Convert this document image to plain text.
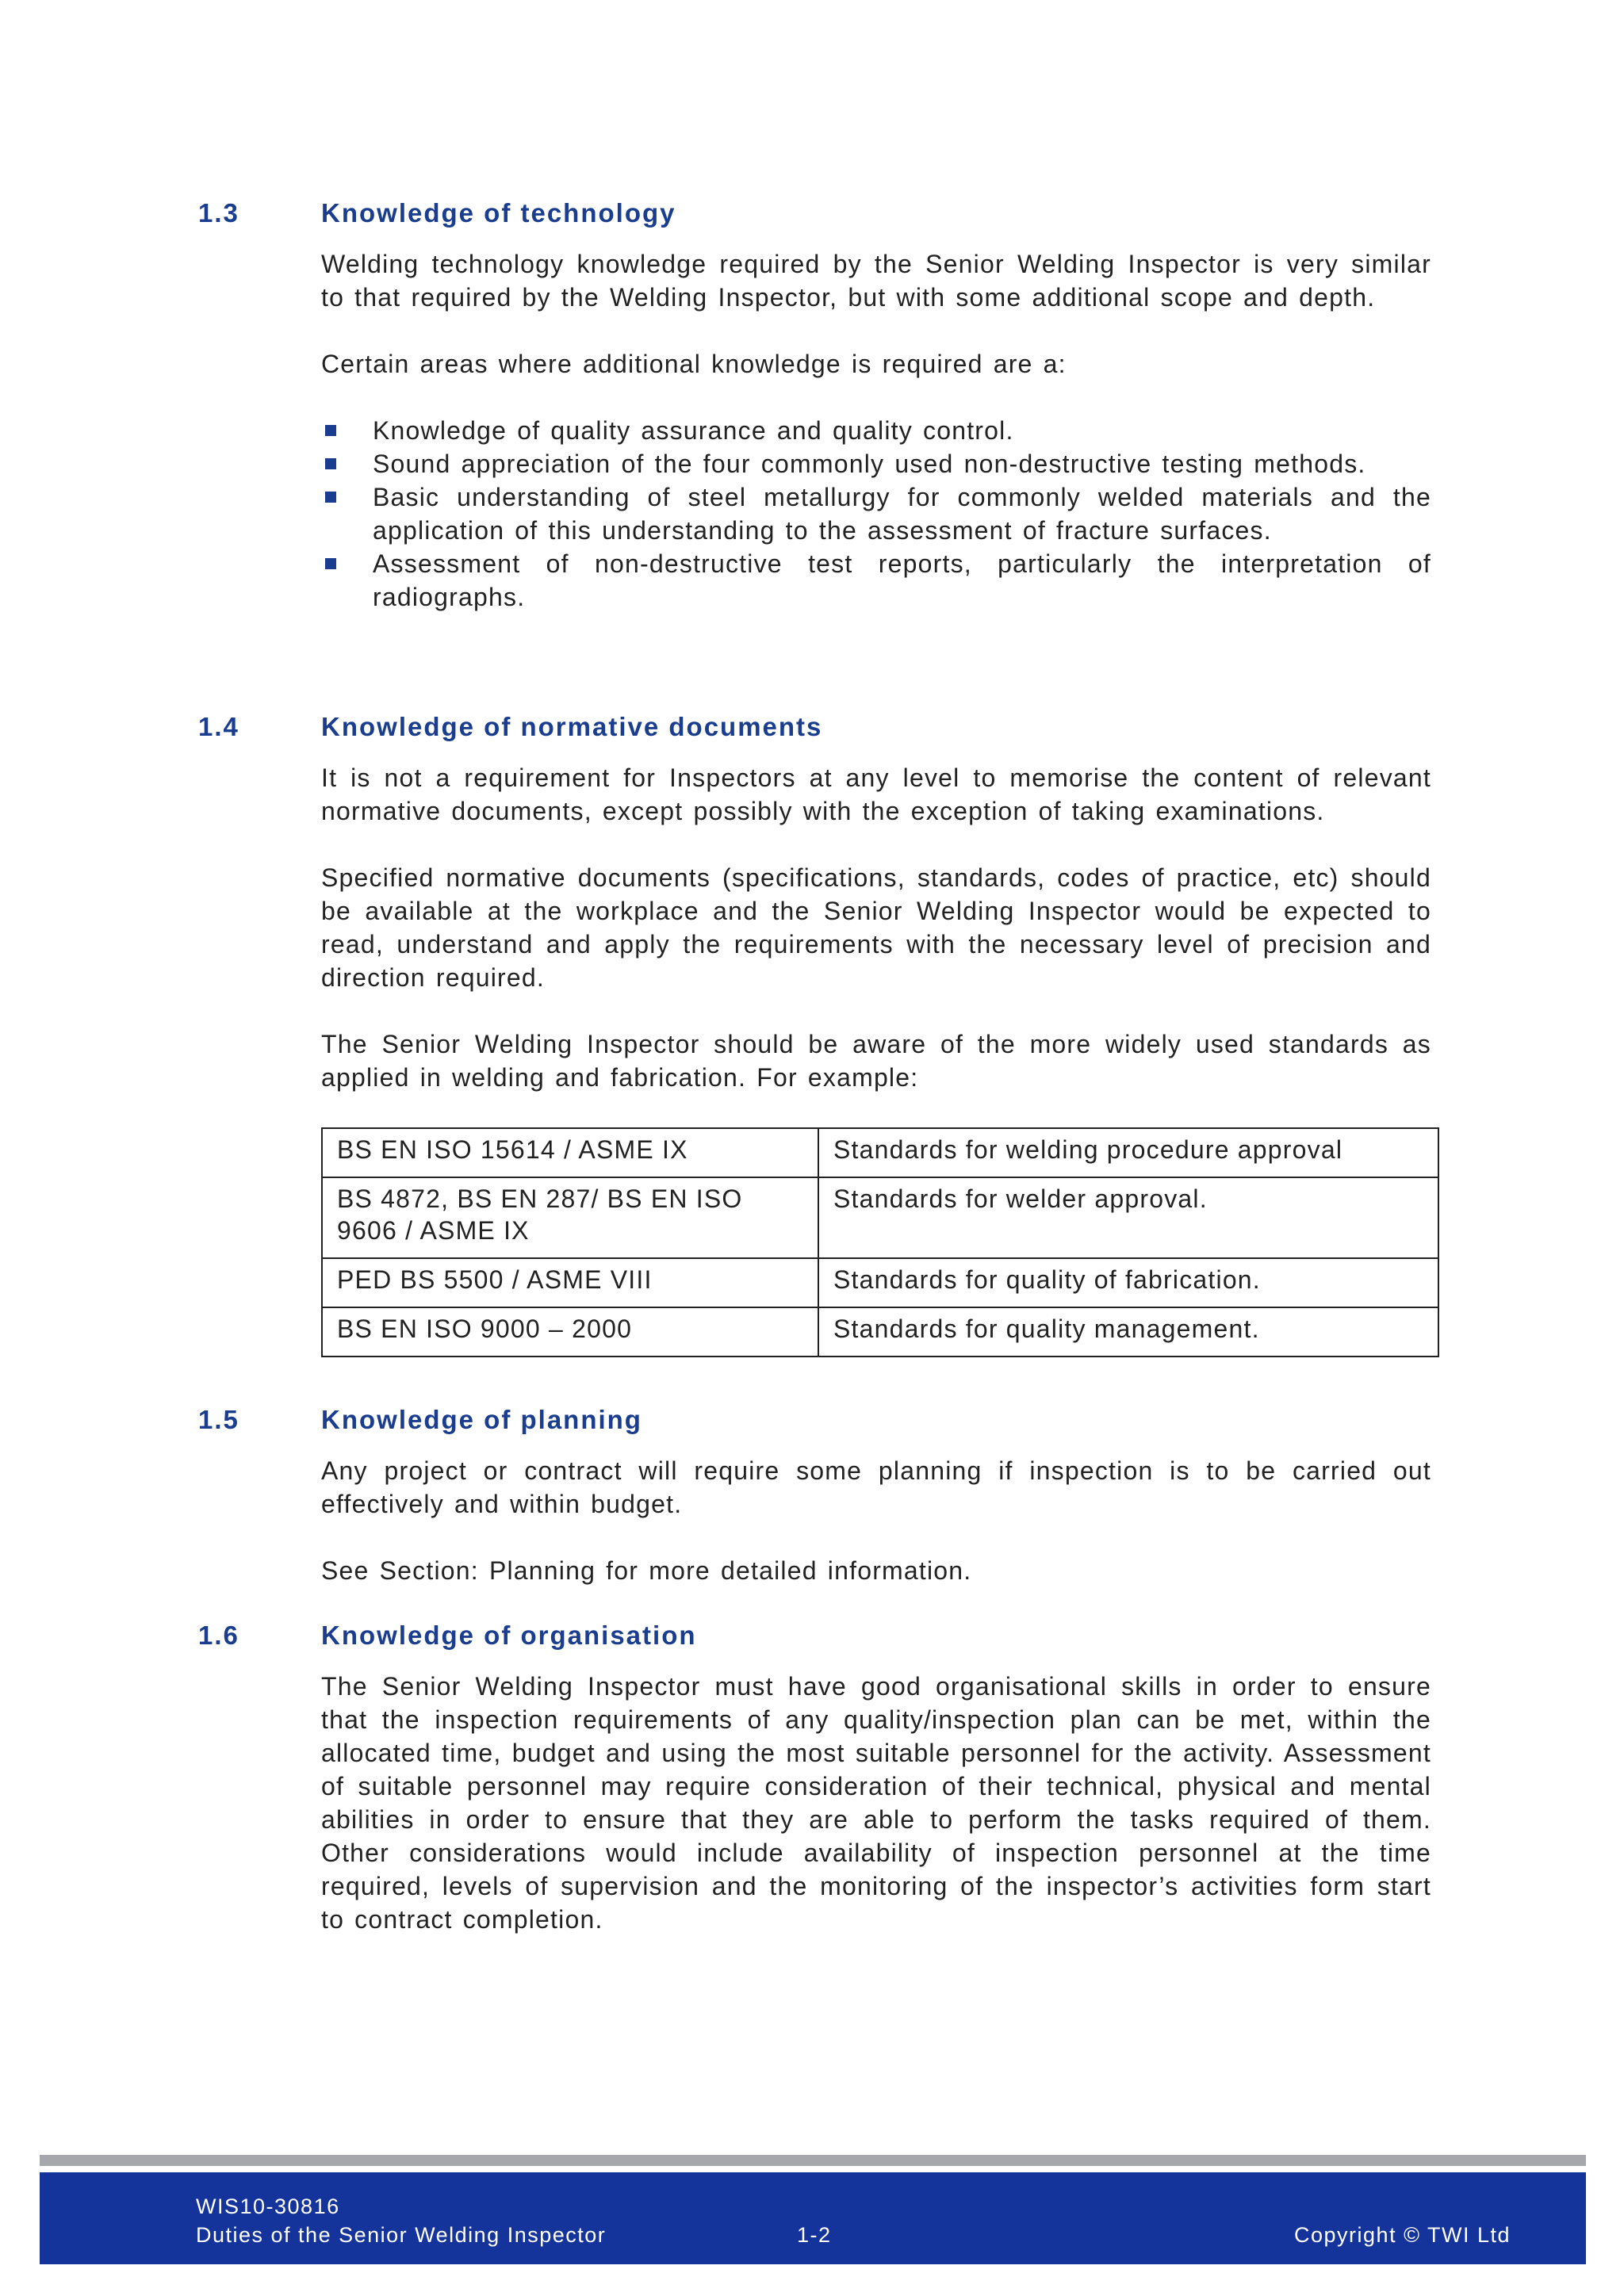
1.3	Knowledge of technology

Welding technology knowledge required by the Senior Welding Inspector is very similar to that required by the Welding Inspector, but with some additional scope and depth.

Certain areas where additional knowledge is required are a:

Knowledge of quality assurance and quality control.
Sound appreciation of the four commonly used non-destructive testing methods.
Basic understanding of steel metallurgy for commonly welded materials and the application of this understanding to the assessment of fracture surfaces.
Assessment of non-destructive test reports, particularly the interpretation of radiographs.
1.4	Knowledge of normative documents

It is not a requirement for Inspectors at any level to memorise the content of relevant normative documents, except possibly with the exception of taking examinations.

Specified normative documents (specifications, standards, codes of practice, etc) should be available at the workplace and the Senior Welding Inspector would be expected to read, understand and apply the requirements with the necessary level of precision and direction required.

The Senior Welding Inspector should be aware of the more widely used standards as applied in welding and fabrication. For example:

BS EN ISO 15614 / ASME IX	Standards for welding procedure approval
BS 4872, BS EN 287/ BS EN ISO 9606 / ASME IX	Standards for welder approval.
PED BS 5500 / ASME VIII	Standards for quality of fabrication.
BS EN ISO 9000 – 2000	Standards for quality management.
1.5	Knowledge of planning

Any project or contract will require some planning if inspection is to be carried out effectively and within budget.

See Section: Planning for more detailed information.

1.6	Knowledge of organisation

The Senior Welding Inspector must have good organisational skills in order to ensure that the inspection requirements of any quality/inspection plan can be met, within the allocated time, budget and using the most suitable personnel for the activity. Assessment of suitable personnel may require consideration of their technical, physical and mental abilities in order to ensure that they are able to perform the tasks required of them. Other considerations would include availability of inspection personnel at the time required, levels of supervision and the monitoring of the inspector’s activities form start to contract completion.

WIS10-30816
Duties of the Senior Welding Inspector	1-2	Copyright © TWI Ltd
